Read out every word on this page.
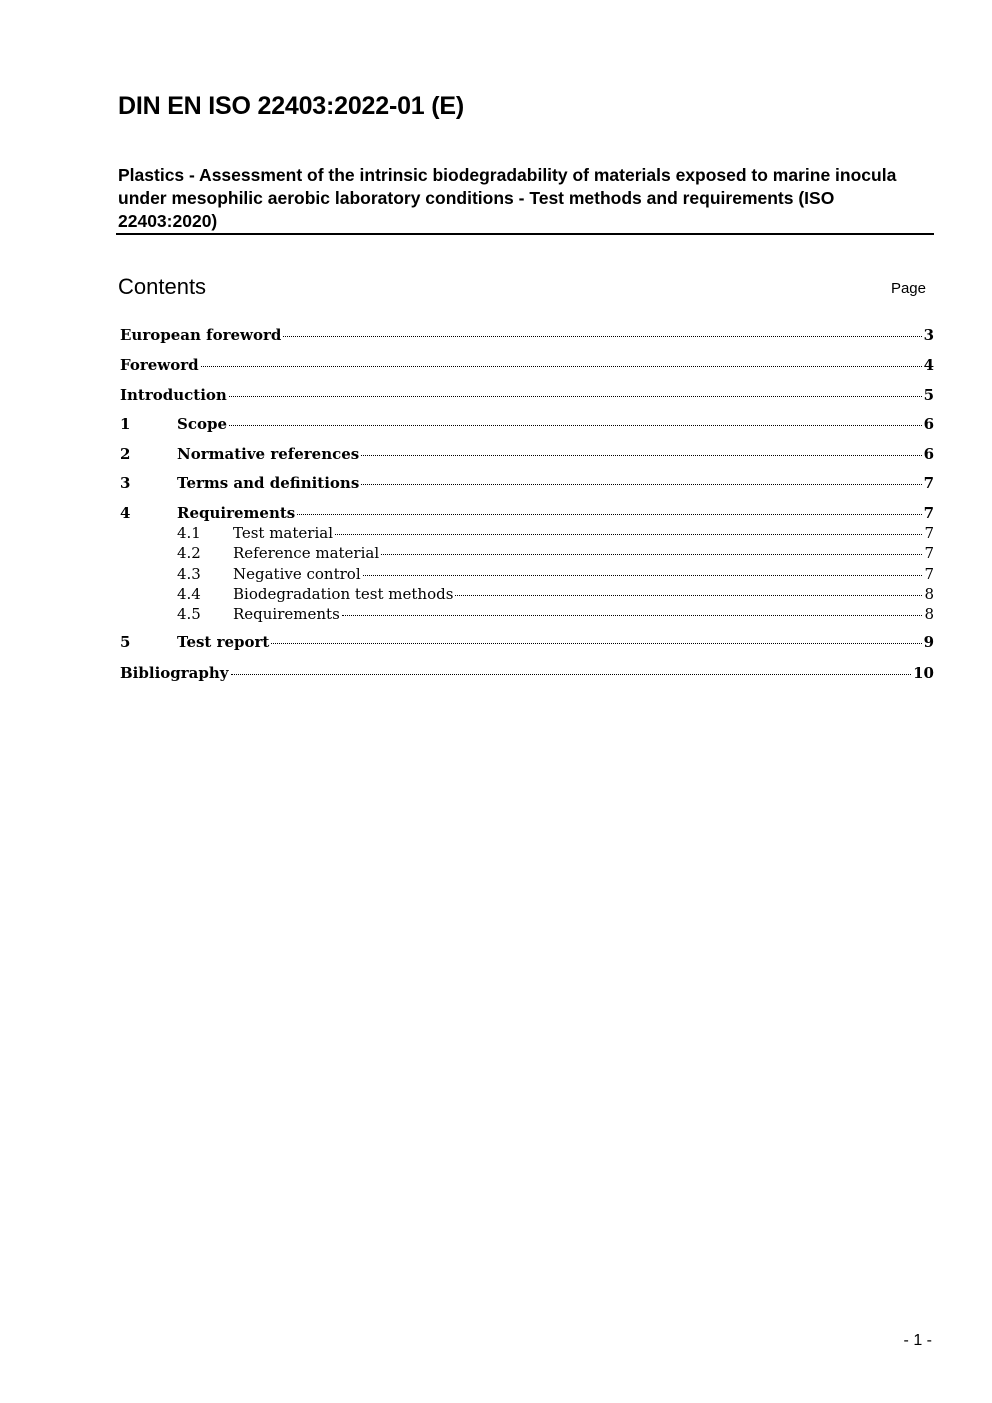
DIN EN ISO 22403:2022-01 (E)
Plastics - Assessment of the intrinsic biodegradability of materials exposed to marine inocula under mesophilic aerobic laboratory conditions - Test methods and requirements (ISO 22403:2020)
Contents	Page
European foreword	3
Foreword	4
Introduction	5
1	Scope	6
2	Normative references	6
3	Terms and definitions	7
4	Requirements	7
4.1	Test material	7
4.2	Reference material	7
4.3	Negative control	7
4.4	Biodegradation test methods	8
4.5	Requirements	8
5	Test report	9
Bibliography	10
- 1 -
